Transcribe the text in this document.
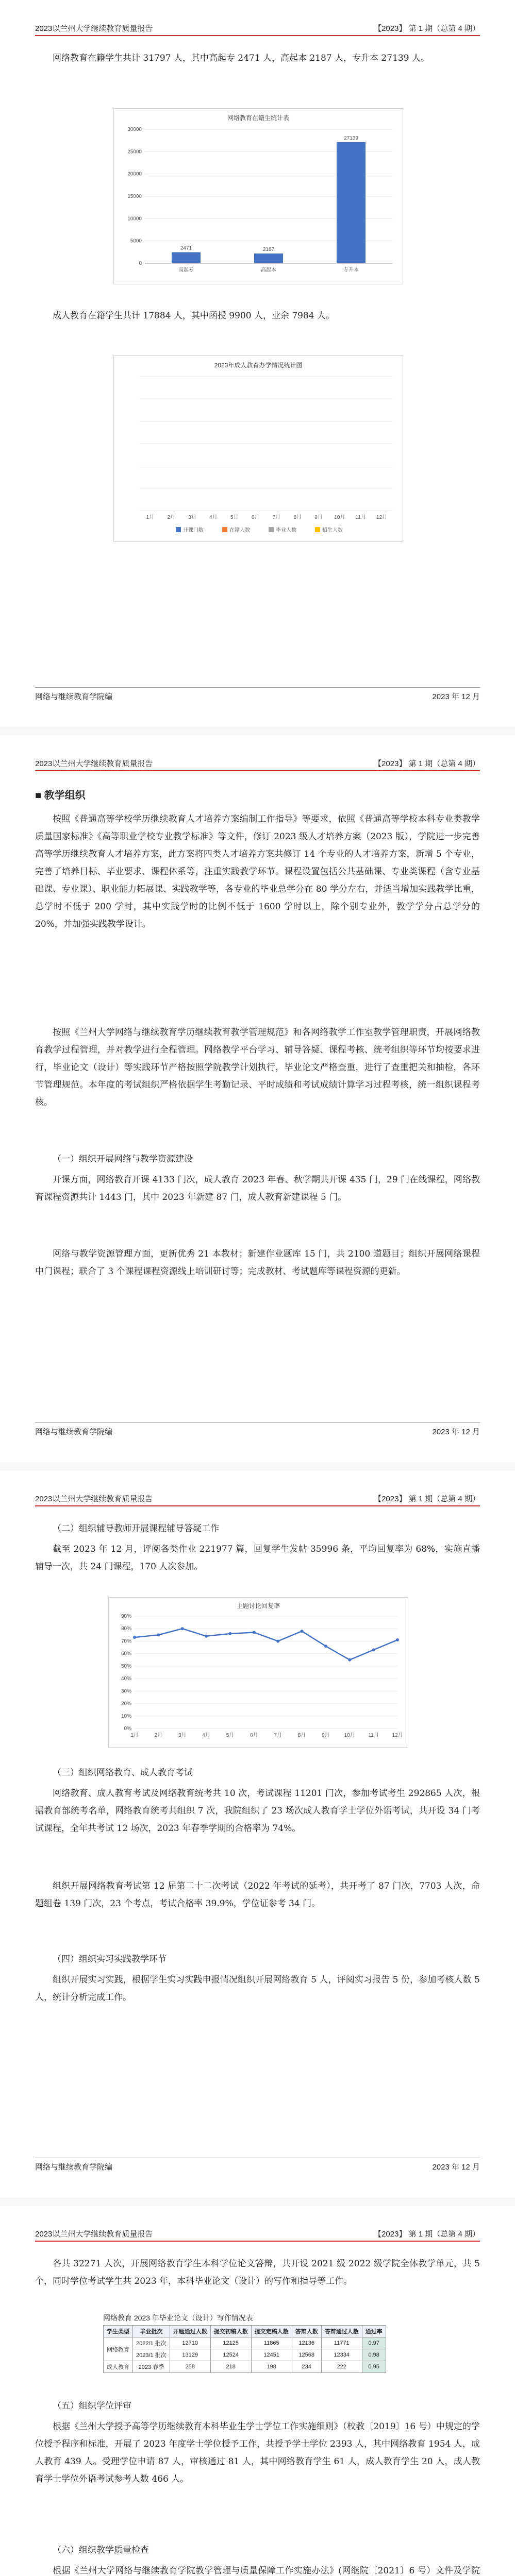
2023以兰州大学继续教育质量报告	【2023】 第 1 期（总第 4 期）

网络教育在籍学生共计 31797 人，其中高起专 2471 人，高起本 2187 人，专升本 27139 人。

网络教育在籍生统计表
0
5000
10000
15000
20000
25000
30000
2471
高起专
2187
高起本
27139
专升本

成人教育在籍学生共计 17884 人，其中函授 9900 人，业余 7984 人。

2023年成人教育办学情况统计图
1月	2月	3月	4月	5月	6月	7月	8月	9月 10月 11月 12月
开课门数	在籍人数	毕业人数	招生人数
网络与继续教育学院编	2023 年 12 月
2023以兰州大学继续教育质量报告	【2023】 第 1 期（总第 4 期）
■ 教学组织

按照《普通高等学校学历继续教育人才培养方案编制工作指导》等要求，依照《普通高等学校本科专业类教学质量国家标准》《高等职业学校专业教学标准》等文件，修订 2023 级人才培养方案（2023 版），学院进一步完善高等学历继续教育人才培养方案，此方案将四类人才培养方案共修订 14 个专业的人才培养方案，新增 5 个专业，完善了培养目标、毕业要求、课程体系等，注重实践教学环节。课程设置包括公共基础课、专业类课程（含专业基础课、专业课）、职业能力拓展课、实践教学等，各专业的毕业总学分在 80 学分左右，并适当增加实践教学比重，总学时不低于 200 学时，其中实践学时的比例不低于 1600 学时以上，除个别专业外，教学学分占总学分的 20%，并加强实践教学设计。

按照《兰州大学网络与继续教育学历继续教育教学管理规范》和各网络教学工作室教学管理职责，开展网络教育教学过程管理，并对教学进行全程管理。网络教学平台学习、辅导答疑、课程考核、统考组织等环节均按要求进行，毕业论文（设计）等实践环节严格按照学院教学计划执行，毕业论文严格查重，进行了查重把关和抽检，各环节管理规范。本年度的考试组织严格依据学生考勤记录、平时成绩和考试成绩计算学习过程考核，统一组织课程考核。

（一）组织开展网络与教学资源建设

开课方面，网络教育开课 4133 门次，成人教育 2023 年春、秋学期共开课 435 门，29 门在线课程，网络教育课程资源共计 1443 门，其中 2023 年新建 87 门，成人教育新建课程 5 门。

网络与教学资源管理方面，更新优秀 21 本教材；新建作业题库 15 门，共 2100 道题目；组织开展网络课程中门课程；联合了 3 个课程课程资源线上培训研讨等；完成教材、考试题库等课程资源的更新。

网络与继续教育学院编	2023 年 12 月
2023以兰州大学继续教育质量报告	【2023】 第 1 期（总第 4 期）

（二）组织辅导教师开展课程辅导答疑工作

截至 2023 年 12 月，评阅各类作业 221977 篇，回复学生发帖 35996 条，平均回复率为 68%，实施直播辅导一次，共 24 门课程，170 人次参加。

主题讨论回复率
0%
10%
20%
30%
40%
50%
60%
70%
80%
90%
1月	2月	3月	4月	5月	6月	7月	8月	9月	10月	11月	12月

（三）组织网络教育、成人教育考试

网络教育、成人教育考试及网络教育统考共 10 次，考试课程 11201 门次，参加考试考生 292865 人次，根据教育部统考名单，网络教育统考共组织 7 次，我院组织了 23 场次成人教育学士学位外语考试，共开设 34 门考试课程，全年共考试 12 场次，2023 年春季学期的合格率为 74%。

组织开展网络教育考试第 12 届第二十二次考试（2022 年考试的延考），共开考了 87 门次，7703 人次，命题组卷 139 门次，23 个考点，考试合格率 39.9%，学位证参考 34 门。

（四）组织实习实践教学环节

组织开展实习实践，根据学生实习实践申报情况组织开展网络教育 5 人，评阅实习报告 5 份，参加考核人数 5 人，统计分析完成工作。

网络与继续教育学院编	2023 年 12 月
2023以兰州大学继续教育质量报告	【2023】 第 1 期（总第 4 期）

各共 32271 人次，开展网络教育学生本科学位论文答辩，共开设 2021 级 2022 级学院全体教学单元，共 5 个，同时学位考试学生共 2023 年，本科毕业论文（设计）的写作和指导等工作。

网络教育 2023 年毕业论文（设计）写作情况表
学生类型	毕业批次	开题通过人数	提交初稿人数	提交定稿人数	答辩人数	答辩通过人数	通过率
网络教育	2022/1 批次	12710	12125	11865	12136	11771	0.97
	2023/1 批次	13129	12524	12451	12568	12334	0.98
成人教育	2023 春季	258	218	198	234	222	0.95

（五）组织学位评审

根据《兰州大学授予高等学历继续教育本科毕业生学士学位工作实施细则》（校教〔2019〕16 号）中规定的学位授予程序和标准，开展了 2023 年度学士学位授予工作，共授予学士学位 2393 人，其中网络教育 1954 人，成人教育 439 人。受理学位申请 87 人，审核通过 81 人，其中网络教育学生 61 人，成人教育学生 20 人，成人教育学士学位外语考试参考人数 466 人。

（六）组织教学质量检查

根据《兰州大学网络与继续教育学院教学管理与质量保障工作实施办法》(网继院〔2021〕6 号）文件及学院
